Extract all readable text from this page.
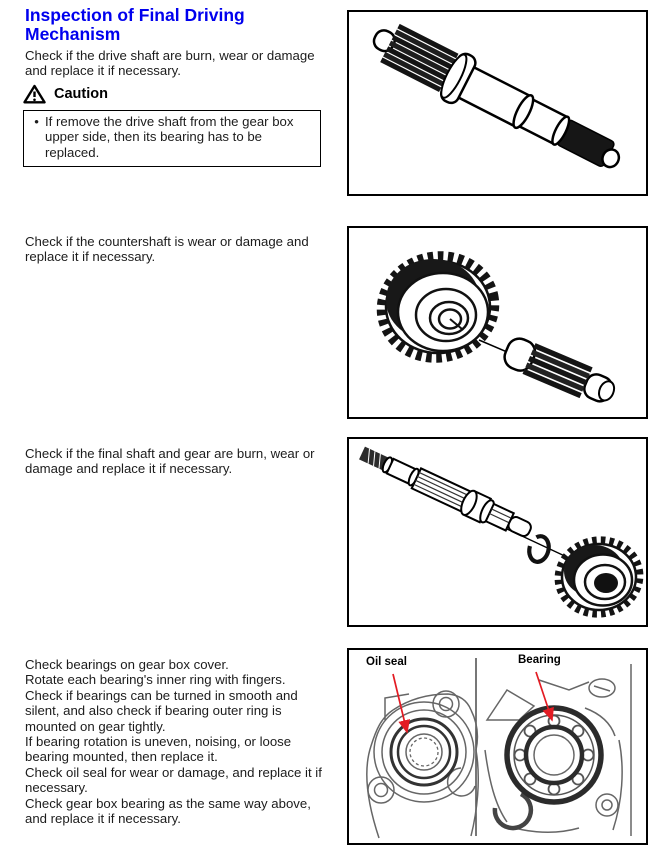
Inspection of Final Driving Mechanism
Check if the drive shaft are burn, wear or damage and replace it if necessary.
Caution
• If remove the drive shaft from the gear box upper side, then its bearing has to be replaced.
Check if the countershaft is wear or damage and replace it if necessary.
Check if the final shaft and gear are burn, wear or damage and replace it if necessary.
Check bearings on gear box cover.
Rotate each bearing's inner ring with fingers.
Check if bearings can be turned in smooth and silent, and also check if bearing outer ring is mounted on gear tightly.
If bearing rotation is uneven, noising, or loose bearing mounted, then replace it.
Check oil seal for wear or damage, and replace it if necessary.
Check gear box bearing as the same way above, and replace it if necessary.
Oil seal	Bearing
